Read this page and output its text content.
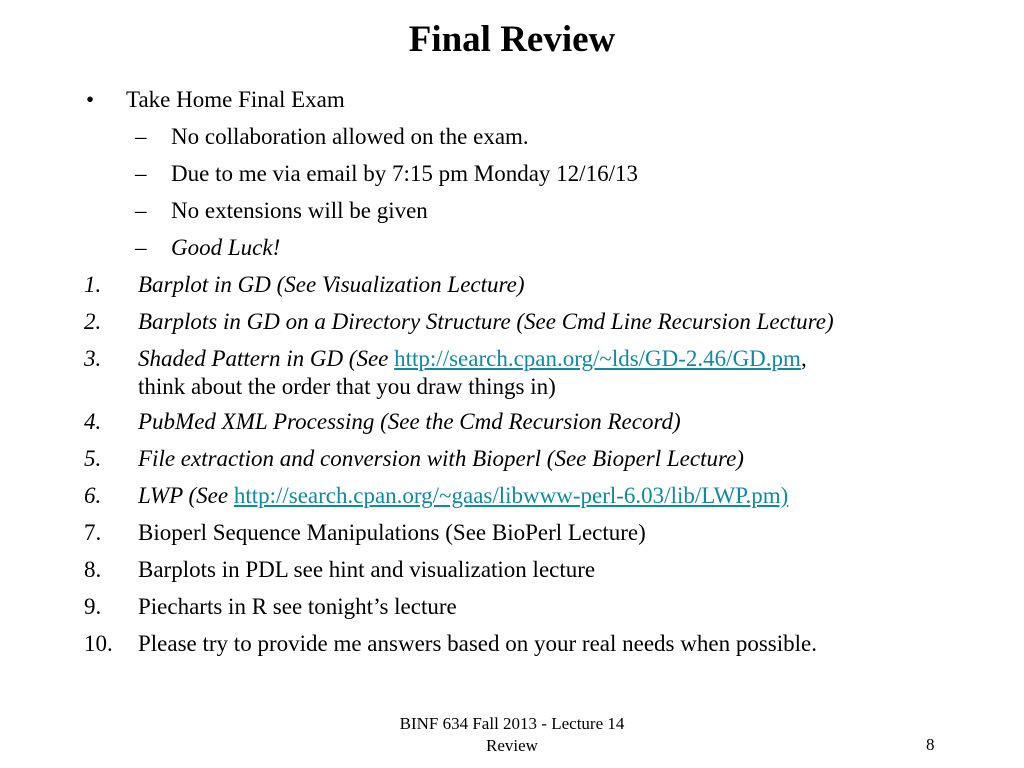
Final Review
•	Take Home Final Exam
–	No collaboration allowed on the exam.
–	Due to me via email by 7:15 pm Monday 12/16/13
–	No extensions will be given
–	Good Luck!
1.	Barplot in GD (See Visualization Lecture)
2.	Barplots in GD on a Directory Structure (See Cmd Line Recursion Lecture)
3.	Shaded Pattern in GD (See http://search.cpan.org/~lds/GD-2.46/GD.pm,
think about the order that you draw things in)
4.	PubMed XML Processing (See the Cmd Recursion Record)
5.	File extraction and conversion with Bioperl (See Bioperl Lecture)
6.	LWP (See http://search.cpan.org/~gaas/libwww-perl-6.03/lib/LWP.pm)
7.	Bioperl Sequence Manipulations (See BioPerl Lecture)
8.	Barplots in PDL see hint and visualization lecture
9.	Piecharts in R see tonight’s lecture
10.	Please try to provide me answers based on your real needs when possible.
BINF 634 Fall 2013 - Lecture 14
Review	8
